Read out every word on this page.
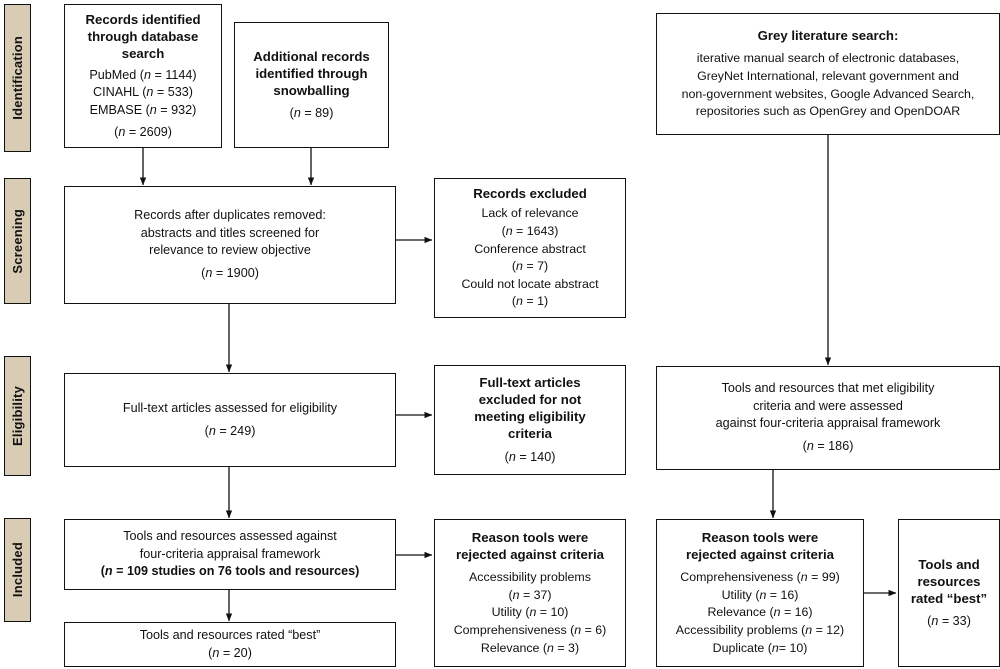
Identification
Screening
Eligibility
Included
Records identified
through database
search
PubMed (n = 1144)
CINAHL (n = 533)
EMBASE (n = 932)
(n = 2609)
Additional records
identified through
snowballing
(n = 89)
Grey literature search:
iterative manual search of electronic databases,
GreyNet International, relevant government and
non-government websites, Google Advanced Search,
repositories such as OpenGrey and OpenDOAR
Records after duplicates removed:
abstracts and titles screened for
relevance to review objective
(n = 1900)
Records excluded
Lack of relevance
(n = 1643)
Conference abstract
(n = 7)
Could not locate abstract
(n = 1)
Full-text articles assessed for eligibility
(n = 249)
Full-text articles
excluded for not
meeting eligibility
criteria
(n = 140)
Tools and resources that met eligibility
criteria and were assessed
against four-criteria appraisal framework
(n = 186)
Tools and resources assessed against
four-criteria appraisal framework
(n = 109 studies on 76 tools and resources)
Tools and resources rated “best”
(n = 20)
Reason tools were
rejected against criteria
Accessibility problems
(n = 37)
Utility (n = 10)
Comprehensiveness (n = 6)
Relevance (n = 3)
Reason tools were
rejected against criteria
Comprehensiveness (n = 99)
Utility (n = 16)
Relevance (n = 16)
Accessibility problems (n = 12)
Duplicate (n= 10)
Tools and
resources
rated “best”
(n = 33)
